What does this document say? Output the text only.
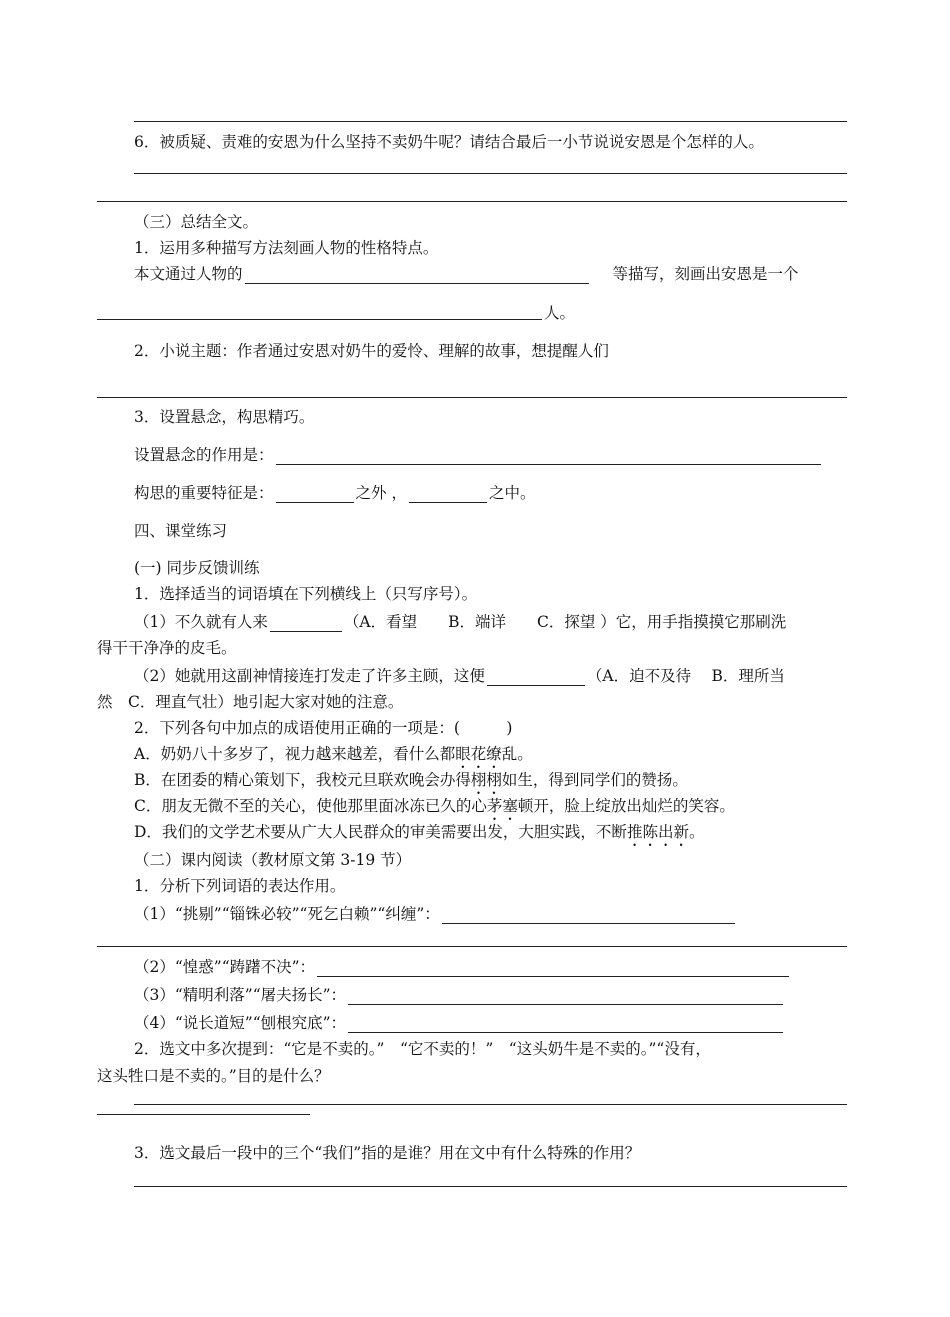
6．被质疑、责难的安恩为什么坚持不卖奶牛呢？请结合最后一小节说说安恩是个怎样的人。
（三）总结全文。
1．运用多种描写方法刻画人物的性格特点。
本文通过人物的	等描写，刻画出安恩是一个
人。
2．小说主题：作者通过安恩对奶牛的爱怜、理解的故事，想提醒人们
3．设置悬念，构思精巧。
设置悬念的作用是：
构思的重要特征是：	之外 ，	之中。
四、课堂练习
(一) 同步反馈训练
1．选择适当的词语填在下列横线上（只写序号）。
（1）不久就有人来	（A．看望　　B．端详　　C．探望 ）它，用手指摸摸它那刷洗
得干干净净的皮毛。
（2）她就用这副神情接连打发走了许多主顾，这便	（A．迫不及待　 B．理所当
然　C．理直气壮）地引起大家对她的注意。
2．下列各句中加点的成语使用正确的一项是：(　　　)
A．奶奶八十多岁了，视力越来越差，看什么都眼花缭乱。
B．在团委的精心策划下，我校元旦联欢晚会办得栩栩如生，得到同学们的赞扬。
C．朋友无微不至的关心，使他那里面冰冻已久的心茅塞顿开，脸上绽放出灿烂的笑容。
D．我们的文学艺术要从广大人民群众的审美需要出发，大胆实践，不断推陈出新。
（二）课内阅读（教材原文第 3-19 节）
1．分析下列词语的表达作用。
（1）“挑剔”“锱铢必较”“死乞白赖”“纠缠”：
（2）“惶惑”“踌躇不决”：
（3）“精明利落”“屠夫扬长”：
（4）“说长道短”“刨根究底”：
2．选文中多次提到：“它是不卖的。”　“它不卖的！”　“这头奶牛是不卖的。”“没有，
这头牲口是不卖的。”目的是什么？
3．选文最后一段中的三个“我们”指的是谁？用在文中有什么特殊的作用？
